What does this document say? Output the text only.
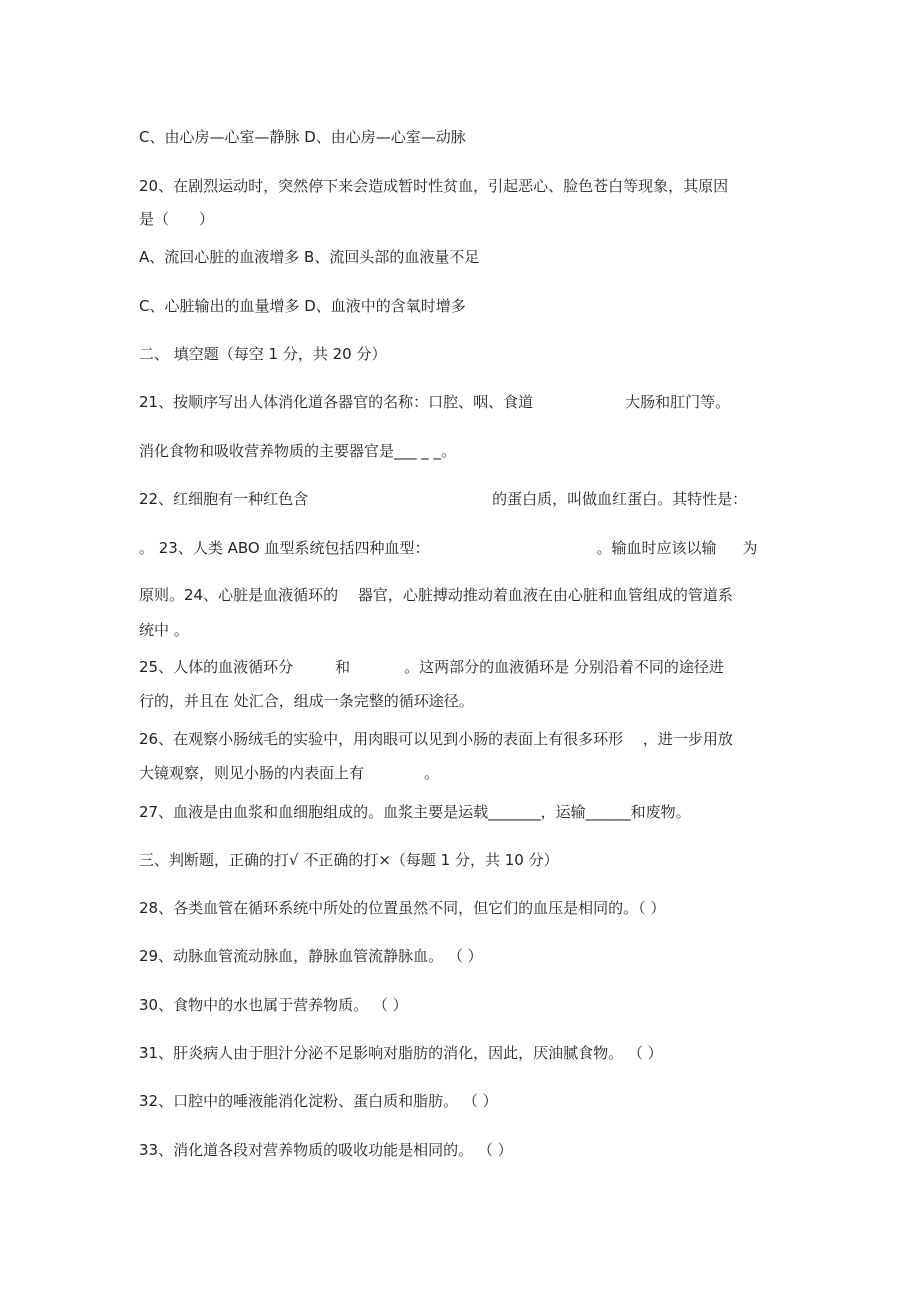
C、由心房—心室—静脉 D、由心房—心室—动脉
20、在剧烈运动时，突然停下来会造成暂时性贫血，引起恶心、脸色苍白等现象，其原因
是（　　）
A、流回心脏的血液增多 B、流回头部的血液量不足
C、心脏输出的血量增多 D、血液中的含氧时增多
二、 填空题（每空 1 分，共 20 分）
21、按顺序写出人体消化道各器官的名称：口腔、咽、食道	大肠和肛门等。
消化食物和吸收营养物质的主要器官是___ _ _。
22、红细胞有一种红色含	的蛋白质，叫做血红蛋白。其特性是：
。 23、人类 ABO 血型系统包括四种血型：	。输血时应该以输 为
原则。24、心脏是血液循环的　 器官，心脏搏动推动着血液在由心脏和血管组成的管道系
统中 。
25、人体的血液循环分	和	。这两部分的血液循环是 分别沿着不同的途径进
行的，并且在 处汇合，组成一条完整的循环途径。
26、在观察小肠绒毛的实验中，用肉眼可以见到小肠的表面上有很多环形　 ，进一步用放
大镜观察，则见小肠的内表面上有	。
27、血液是由血浆和血细胞组成的。血浆主要是运载_______，运输______和废物。
三、判断题，正确的打√ 不正确的打×（每题 1 分，共 10 分）
28、各类血管在循环系统中所处的位置虽然不同，但它们的血压是相同的。（ ）
29、动脉血管流动脉血，静脉血管流静脉血。 （ ）
30、食物中的水也属于营养物质。 （ ）
31、肝炎病人由于胆汁分泌不足影响对脂肪的消化，因此，厌油腻食物。 （ ）
32、口腔中的唾液能消化淀粉、蛋白质和脂肪。 （ ）
33、消化道各段对营养物质的吸收功能是相同的。 （ ）
